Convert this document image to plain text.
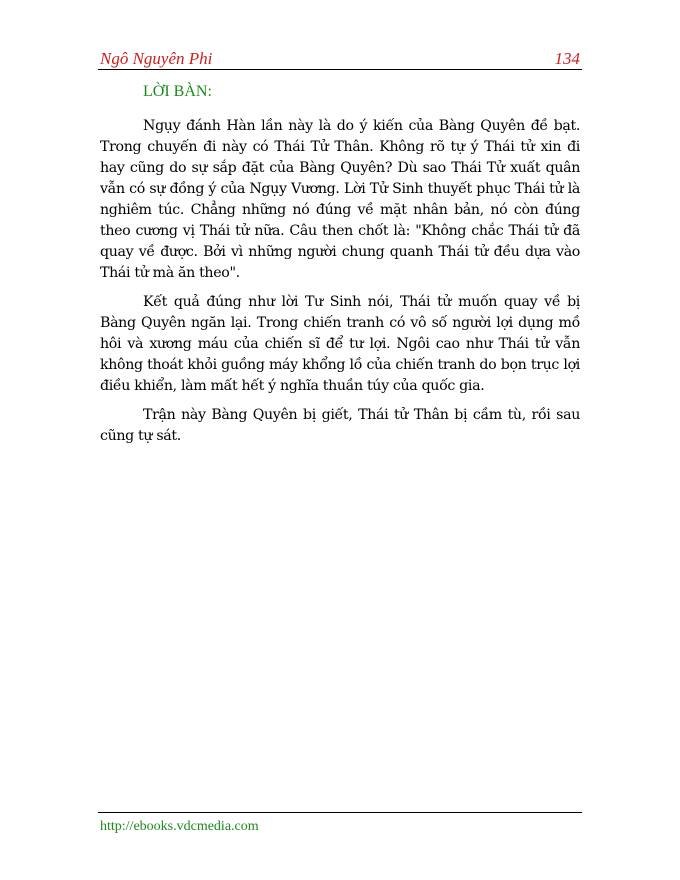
Ngô Nguyên Phi	134
LỜI BÀN:

Ngụy đánh Hàn lần này là do ý kiến của Bàng Quyên đề bạt. Trong chuyến đi này có Thái Tử Thân. Không rõ tự ý Thái tử xin đi hay cũng do sự sắp đặt của Bàng Quyên? Dù sao Thái Tử xuất quân vẫn có sự đồng ý của Ngụy Vương. Lời Tử Sinh thuyết phục Thái tử là nghiêm túc. Chẳng những nó đúng về mặt nhân bản, nó còn đúng theo cương vị Thái tử nữa. Câu then chốt là: "Không chắc Thái tử đã quay về được. Bởi vì những người chung quanh Thái tử đều dựa vào Thái tử mà ăn theo".

Kết quả đúng như lời Tư Sinh nói, Thái tử muốn quay về bị Bàng Quyên ngăn lại. Trong chiến tranh có vô số người lợi dụng mồ hôi và xương máu của chiến sĩ để tư lợi. Ngôi cao như Thái tử vẫn không thoát khỏi guồng máy khổng lồ của chiến tranh do bọn trục lợi điều khiển, làm mất hết ý nghĩa thuần túy của quốc gia.

Trận này Bàng Quyên bị giết, Thái tử Thân bị cầm tù, rồi sau cũng tự sát.

http://ebooks.vdcmedia.com
